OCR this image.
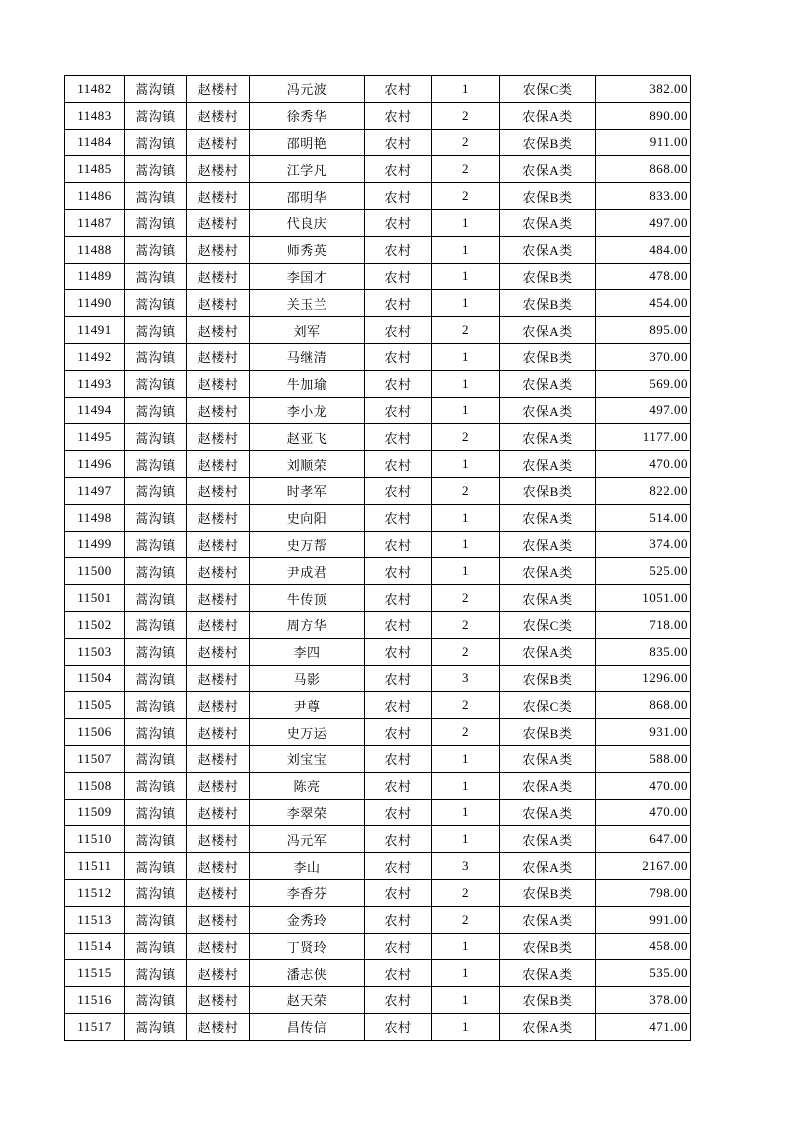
11482	蒿沟镇	赵楼村	冯元波	农村	1	农保C类	382.00
11483	蒿沟镇	赵楼村	徐秀华	农村	2	农保A类	890.00
11484	蒿沟镇	赵楼村	邵明艳	农村	2	农保B类	911.00
11485	蒿沟镇	赵楼村	江学凡	农村	2	农保A类	868.00
11486	蒿沟镇	赵楼村	邵明华	农村	2	农保B类	833.00
11487	蒿沟镇	赵楼村	代良庆	农村	1	农保A类	497.00
11488	蒿沟镇	赵楼村	师秀英	农村	1	农保A类	484.00
11489	蒿沟镇	赵楼村	李国才	农村	1	农保B类	478.00
11490	蒿沟镇	赵楼村	关玉兰	农村	1	农保B类	454.00
11491	蒿沟镇	赵楼村	刘军	农村	2	农保A类	895.00
11492	蒿沟镇	赵楼村	马继清	农村	1	农保B类	370.00
11493	蒿沟镇	赵楼村	牛加瑜	农村	1	农保A类	569.00
11494	蒿沟镇	赵楼村	李小龙	农村	1	农保A类	497.00
11495	蒿沟镇	赵楼村	赵亚飞	农村	2	农保A类	1177.00
11496	蒿沟镇	赵楼村	刘顺荣	农村	1	农保A类	470.00
11497	蒿沟镇	赵楼村	时孝军	农村	2	农保B类	822.00
11498	蒿沟镇	赵楼村	史向阳	农村	1	农保A类	514.00
11499	蒿沟镇	赵楼村	史万帮	农村	1	农保A类	374.00
11500	蒿沟镇	赵楼村	尹成君	农村	1	农保A类	525.00
11501	蒿沟镇	赵楼村	牛传顶	农村	2	农保A类	1051.00
11502	蒿沟镇	赵楼村	周方华	农村	2	农保C类	718.00
11503	蒿沟镇	赵楼村	李四	农村	2	农保A类	835.00
11504	蒿沟镇	赵楼村	马影	农村	3	农保B类	1296.00
11505	蒿沟镇	赵楼村	尹尊	农村	2	农保C类	868.00
11506	蒿沟镇	赵楼村	史万运	农村	2	农保B类	931.00
11507	蒿沟镇	赵楼村	刘宝宝	农村	1	农保A类	588.00
11508	蒿沟镇	赵楼村	陈亮	农村	1	农保A类	470.00
11509	蒿沟镇	赵楼村	李翠荣	农村	1	农保A类	470.00
11510	蒿沟镇	赵楼村	冯元军	农村	1	农保A类	647.00
11511	蒿沟镇	赵楼村	李山	农村	3	农保A类	2167.00
11512	蒿沟镇	赵楼村	李香芬	农村	2	农保B类	798.00
11513	蒿沟镇	赵楼村	金秀玲	农村	2	农保A类	991.00
11514	蒿沟镇	赵楼村	丁贤玲	农村	1	农保B类	458.00
11515	蒿沟镇	赵楼村	潘志侠	农村	1	农保A类	535.00
11516	蒿沟镇	赵楼村	赵天荣	农村	1	农保B类	378.00
11517	蒿沟镇	赵楼村	昌传信	农村	1	农保A类	471.00
